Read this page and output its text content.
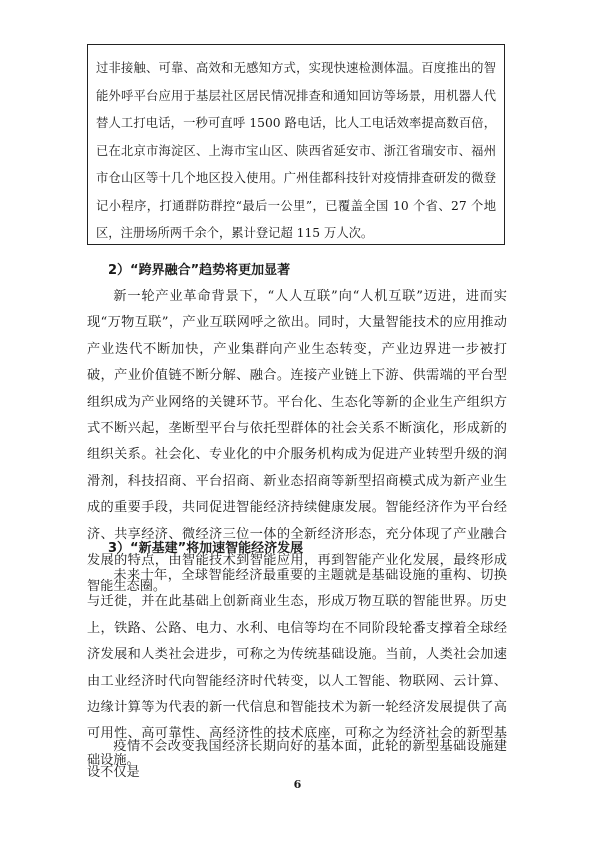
过非接触、可靠、高效和无感知方式，实现快速检测体温。百度推出的智能外呼平台应用于基层社区居民情况排查和通知回访等场景，用机器人代替人工打电话，一秒可直呼 1500 路电话，比人工电话效率提高数百倍，已在北京市海淀区、上海市宝山区、陕西省延安市、浙江省瑞安市、福州市仓山区等十几个地区投入使用。广州佳都科技针对疫情排查研发的微登记小程序，打通群防群控“最后一公里”，已覆盖全国 10 个省、27 个地区，注册场所两千余个，累计登记超 115 万人次。

2）“跨界融合”趋势将更加显著

新一轮产业革命背景下，“人人互联”向“人机互联”迈进，进而实现“万物互联”，产业互联网呼之欲出。同时，大量智能技术的应用推动产业迭代不断加快，产业集群向产业生态转变，产业边界进一步被打破，产业价值链不断分解、融合。连接产业链上下游、供需端的平台型组织成为产业网络的关键环节。平台化、生态化等新的企业生产组织方式不断兴起，垄断型平台与依托型群体的社会关系不断演化，形成新的组织关系。社会化、专业化的中介服务机构成为促进产业转型升级的润滑剂，科技招商、平台招商、新业态招商等新型招商模式成为新产业生成的重要手段，共同促进智能经济持续健康发展。智能经济作为平台经济、共享经济、微经济三位一体的全新经济形态，充分体现了产业融合发展的特点，由智能技术到智能应用，再到智能产业化发展，最终形成智能生态圈。

3）“新基建”将加速智能经济发展

未来十年，全球智能经济最重要的主题就是基础设施的重构、切换与迁徙，并在此基础上创新商业生态，形成万物互联的智能世界。历史上，铁路、公路、电力、水利、电信等均在不同阶段轮番支撑着全球经济发展和人类社会进步，可称之为传统基础设施。当前，人类社会加速由工业经济时代向智能经济时代转变，以人工智能、物联网、云计算、边缘计算等为代表的新一代信息和智能技术为新一轮经济发展提供了高可用性、高可靠性、高经济性的技术底座，可称之为经济社会的新型基础设施。

疫情不会改变我国经济长期向好的基本面，此轮的新型基础设施建设不仅是

6
